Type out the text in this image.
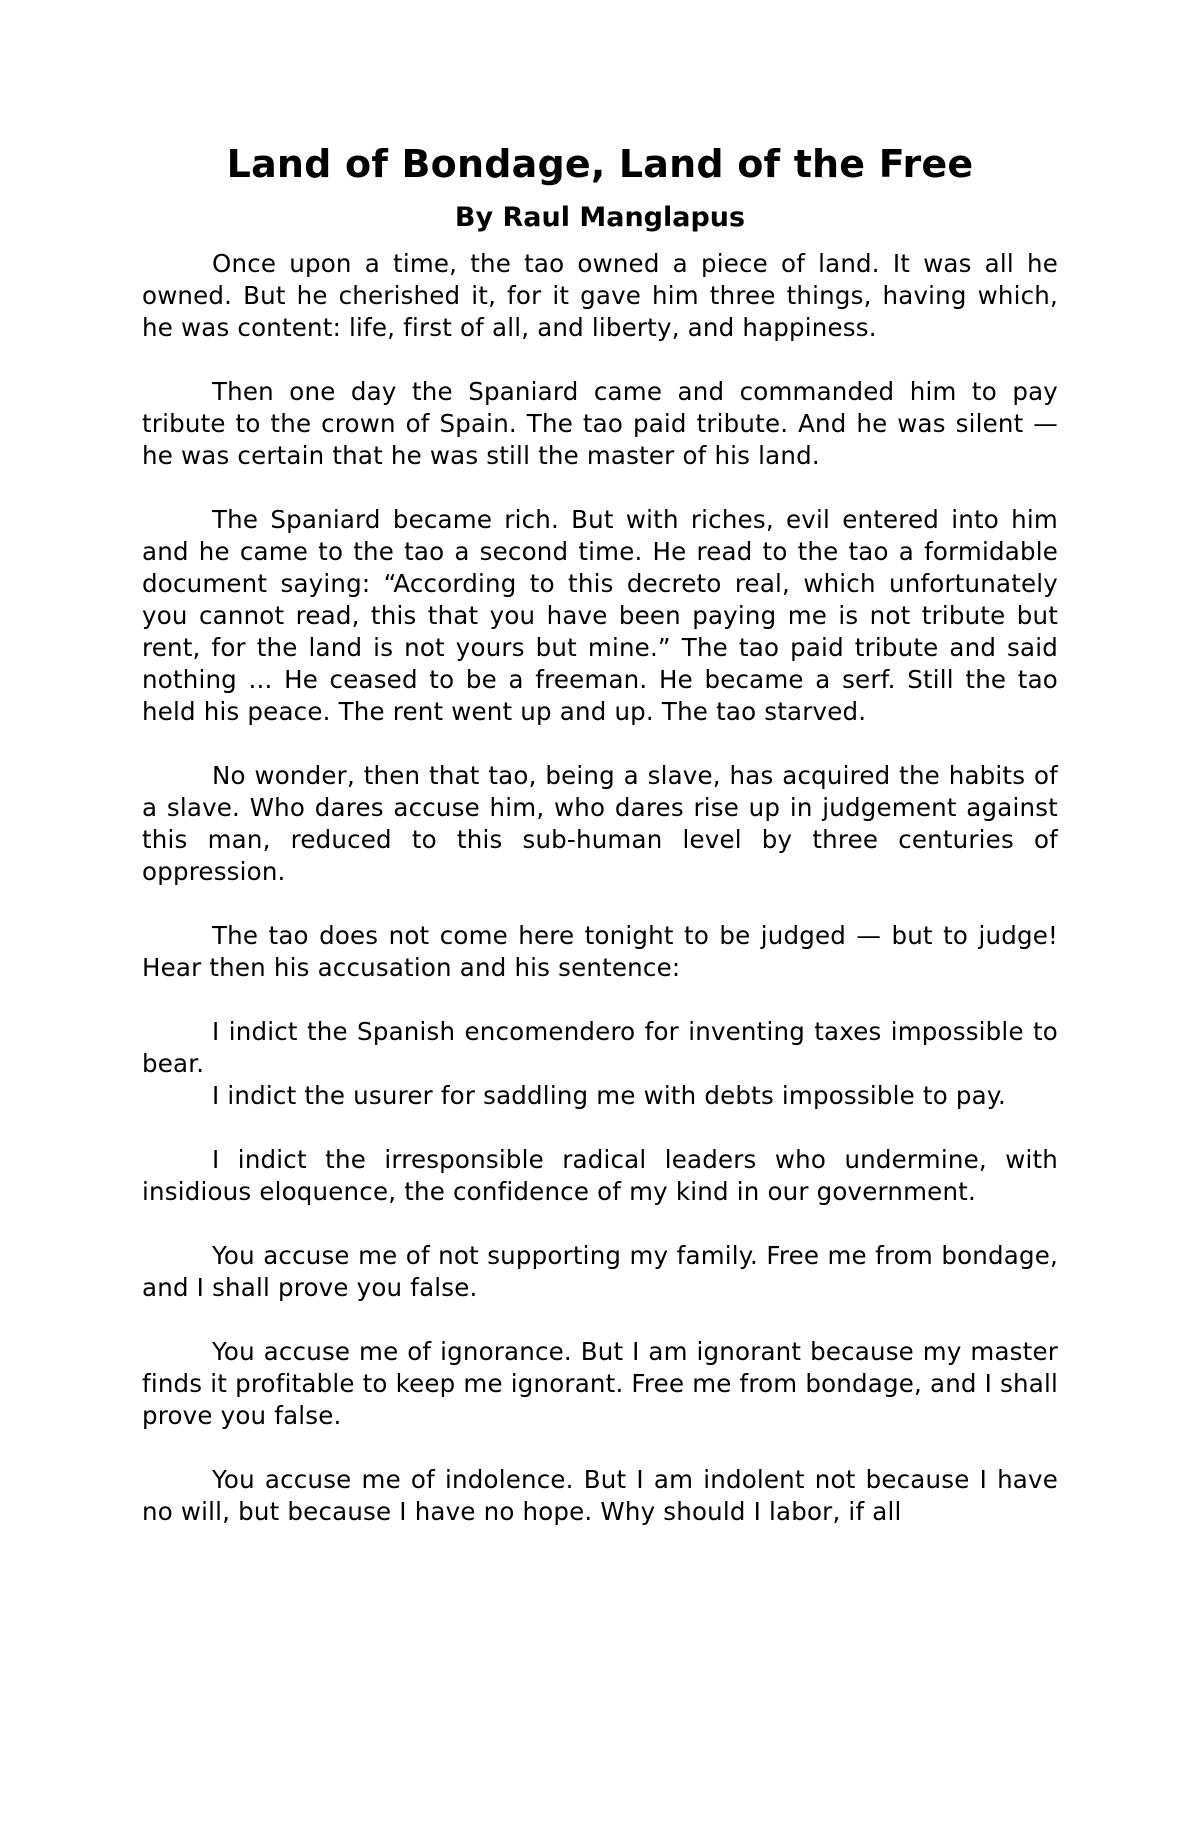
Land of Bondage, Land of the Free
By Raul Manglapus

Once upon a time, the tao owned a piece of land. It was all he owned. But he cherished it, for it gave him three things, having which, he was content: life, first of all, and liberty, and happiness.

Then one day the Spaniard came and commanded him to pay tribute to the crown of Spain. The tao paid tribute. And he was silent — he was certain that he was still the master of his land.

The Spaniard became rich. But with riches, evil entered into him and he came to the tao a second time. He read to the tao a formidable document saying: “According to this decreto real, which unfortunately you cannot read, this that you have been paying me is not tribute but rent, for the land is not yours but mine.” The tao paid tribute and said nothing ... He ceased to be a freeman. He became a serf. Still the tao held his peace. The rent went up and up. The tao starved.

No wonder, then that tao, being a slave, has acquired the habits of a slave. Who dares accuse him, who dares rise up in judgement against this man, reduced to this sub-human level by three centuries of oppression.

The tao does not come here tonight to be judged — but to judge! Hear then his accusation and his sentence:

I indict the Spanish encomendero for inventing taxes impossible to bear.

I indict the usurer for saddling me with debts impossible to pay.

I indict the irresponsible radical leaders who undermine, with insidious eloquence, the confidence of my kind in our government.

You accuse me of not supporting my family. Free me from bondage, and I shall prove you false.

You accuse me of ignorance. But I am ignorant because my master finds it profitable to keep me ignorant. Free me from bondage, and I shall prove you false.

You accuse me of indolence. But I am indolent not because I have no will, but because I have no hope. Why should I labor, if all
